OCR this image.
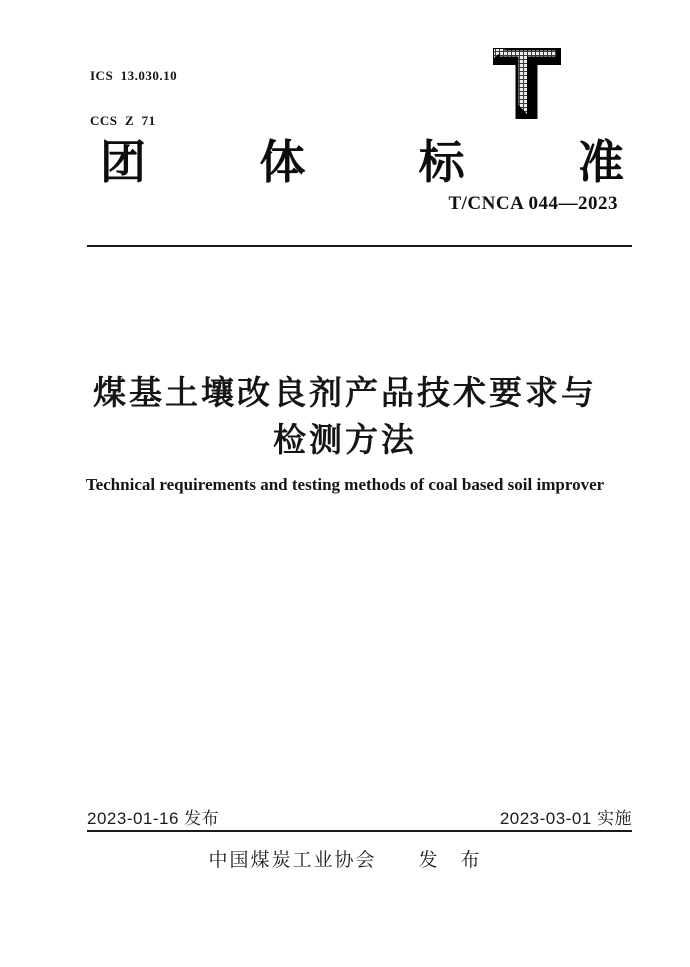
ICS  13.030.10

CCS  Z  71

团 体 标 准
T/CNCA 044—2023
煤基土壤改良剂产品技术要求与
检测方法
Technical requirements and testing methods of coal based soil improver
2023-01-16 发布	2023-03-01 实施
中国煤炭工业协会　　发　布
